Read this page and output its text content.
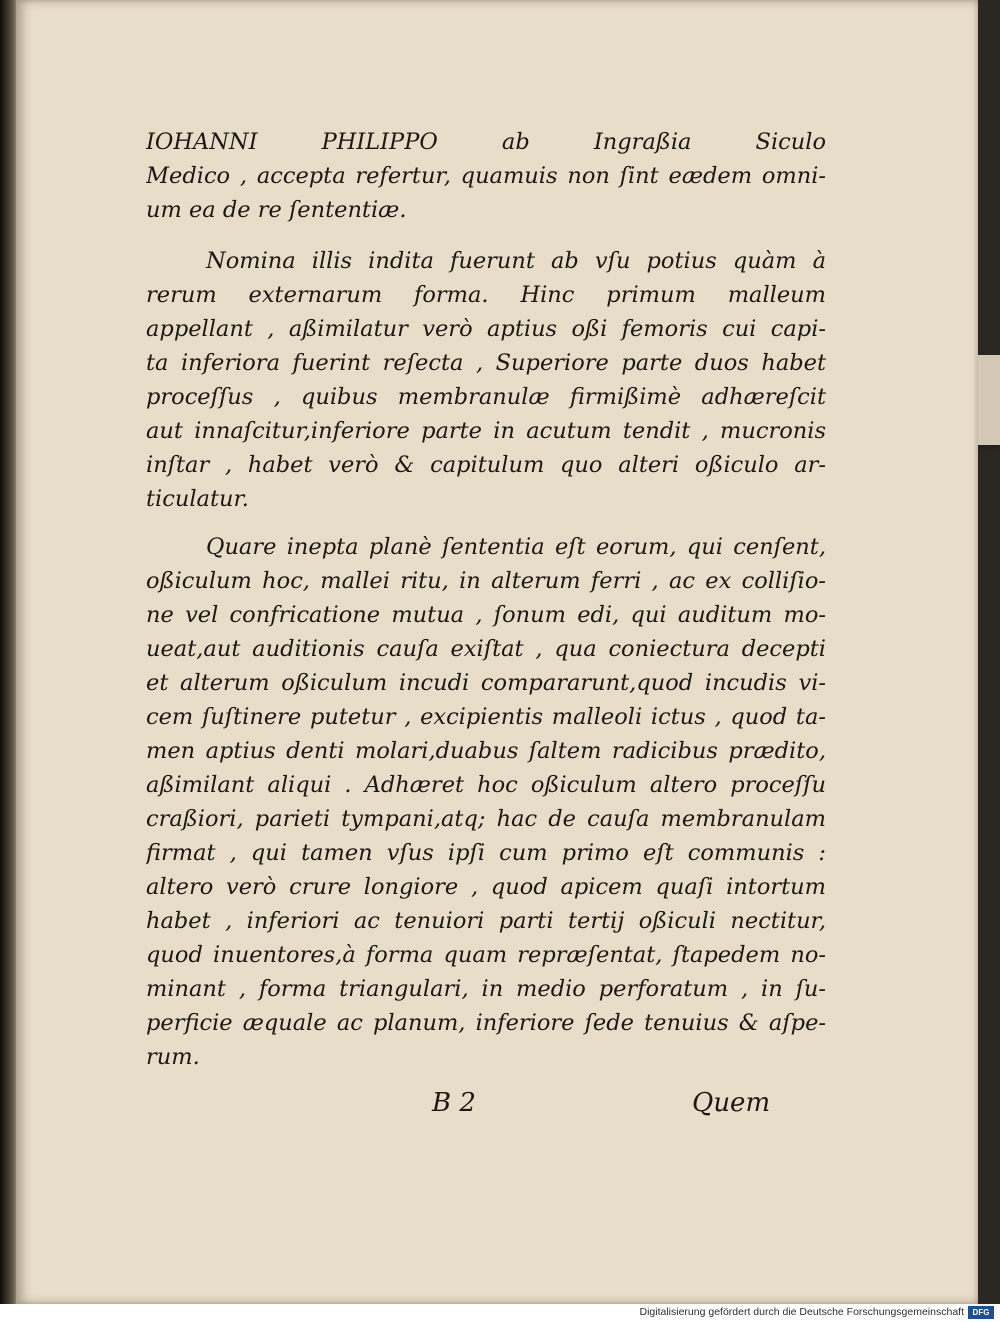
IOHANNI PHILIPPO ab Ingraßia Siculo
Medico , accepta refertur, quamuis non ſint eædem omni-
um ea de re ſententiæ.
Nomina illis indita fuerunt ab vſu potius quàm à
rerum externarum forma. Hinc primum malleum
appellant , aßimilatur verò aptius oßi femoris cui capi-
ta inferiora fuerint reſecta , Superiore parte duos habet
proceſſus , quibus membranulæ firmißimè adhæreſcit
aut innaſcitur,inferiore parte in acutum tendit , mucronis
inſtar , habet verò & capitulum quo alteri oßiculo ar-
ticulatur.
Quare inepta planè ſententia eſt eorum, qui cenſent,
oßiculum hoc, mallei ritu, in alterum ferri , ac ex colliſio-
ne vel confricatione mutua , ſonum edi, qui auditum mo-
ueat,aut auditionis cauſa exiſtat , qua coniectura decepti
et alterum oßiculum incudi compararunt,quod incudis vi-
cem ſuſtinere putetur , excipientis malleoli ictus , quod ta-
men aptius denti molari,duabus ſaltem radicibus prædito,
aßimilant aliqui . Adhæret hoc oßiculum altero proceſſu
craßiori, parieti tympani,atq; hac de cauſa membranulam
firmat , qui tamen vſus ipſi cum primo eſt communis :
altero verò crure longiore , quod apicem quaſi intortum
habet , inferiori ac tenuiori parti tertij oßiculi nectitur,
quod inuentores,à forma quam repræſentat, ſtapedem no-
minant , forma triangulari, in medio perforatum , in ſu-
perficie æquale ac planum, inferiore ſede tenuius & aſpe-
rum.
B 2	Quem
Digitalisierung gefördert durch die Deutsche Forschungsgemeinschaft	DFG
